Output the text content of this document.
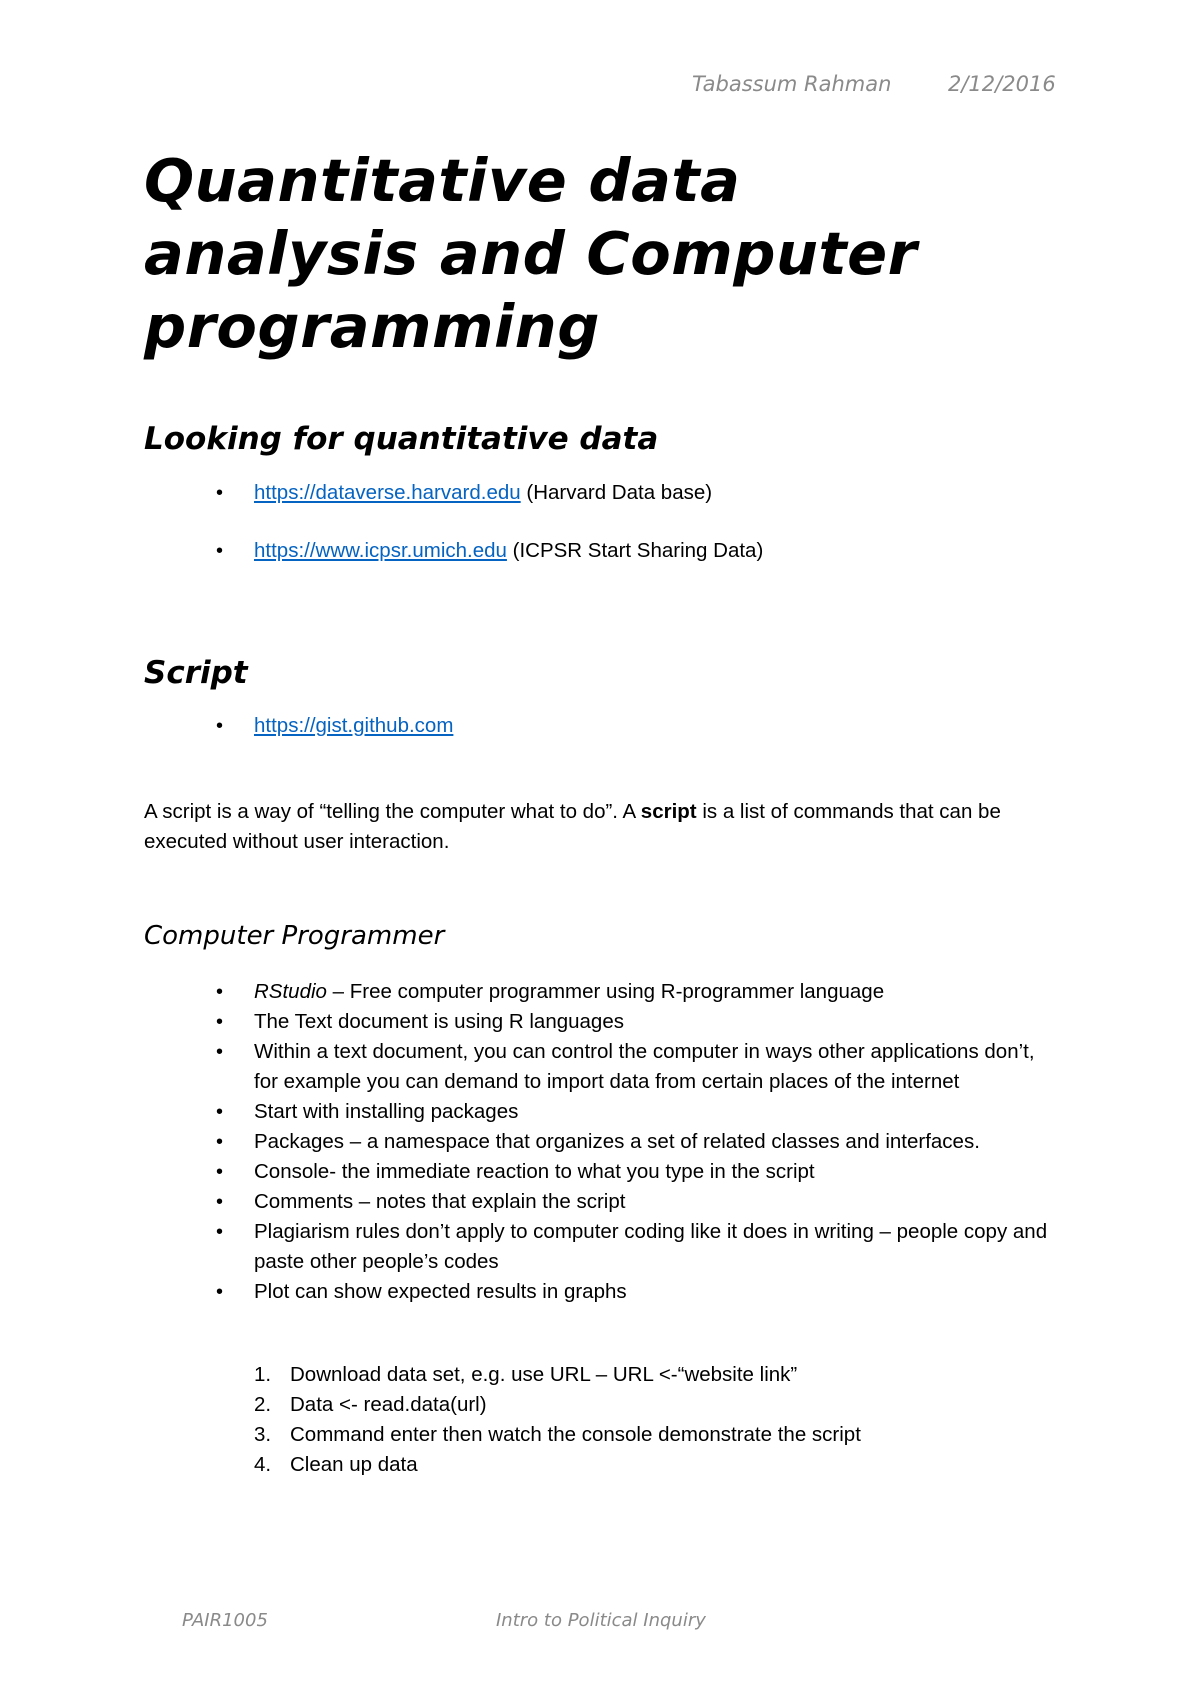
Tabassum Rahman	2/12/2016
Quantitative data
analysis and Computer
programming
Looking for quantitative data
• https://dataverse.harvard.edu (Harvard Data base)
• https://www.icpsr.umich.edu (ICPSR Start Sharing Data)
Script
• https://gist.github.com

A script is a way of “telling the computer what to do”. A script is a list of commands that can be executed without user interaction.

Computer Programmer
• RStudio – Free computer programmer using R-programmer language
• The Text document is using R languages
• Within a text document, you can control the computer in ways other applications don’t, for example you can demand to import data from certain places of the internet
• Start with installing packages
• Packages – a namespace that organizes a set of related classes and interfaces.
• Console- the immediate reaction to what you type in the script
• Comments – notes that explain the script
• Plagiarism rules don’t apply to computer coding like it does in writing – people copy and paste other people’s codes
• Plot can show expected results in graphs
1. Download data set, e.g. use URL – URL <-“website link”
2. Data <- read.data(url)
3. Command enter then watch the console demonstrate the script
4. Clean up data
PAIR1005	Intro to Political Inquiry
